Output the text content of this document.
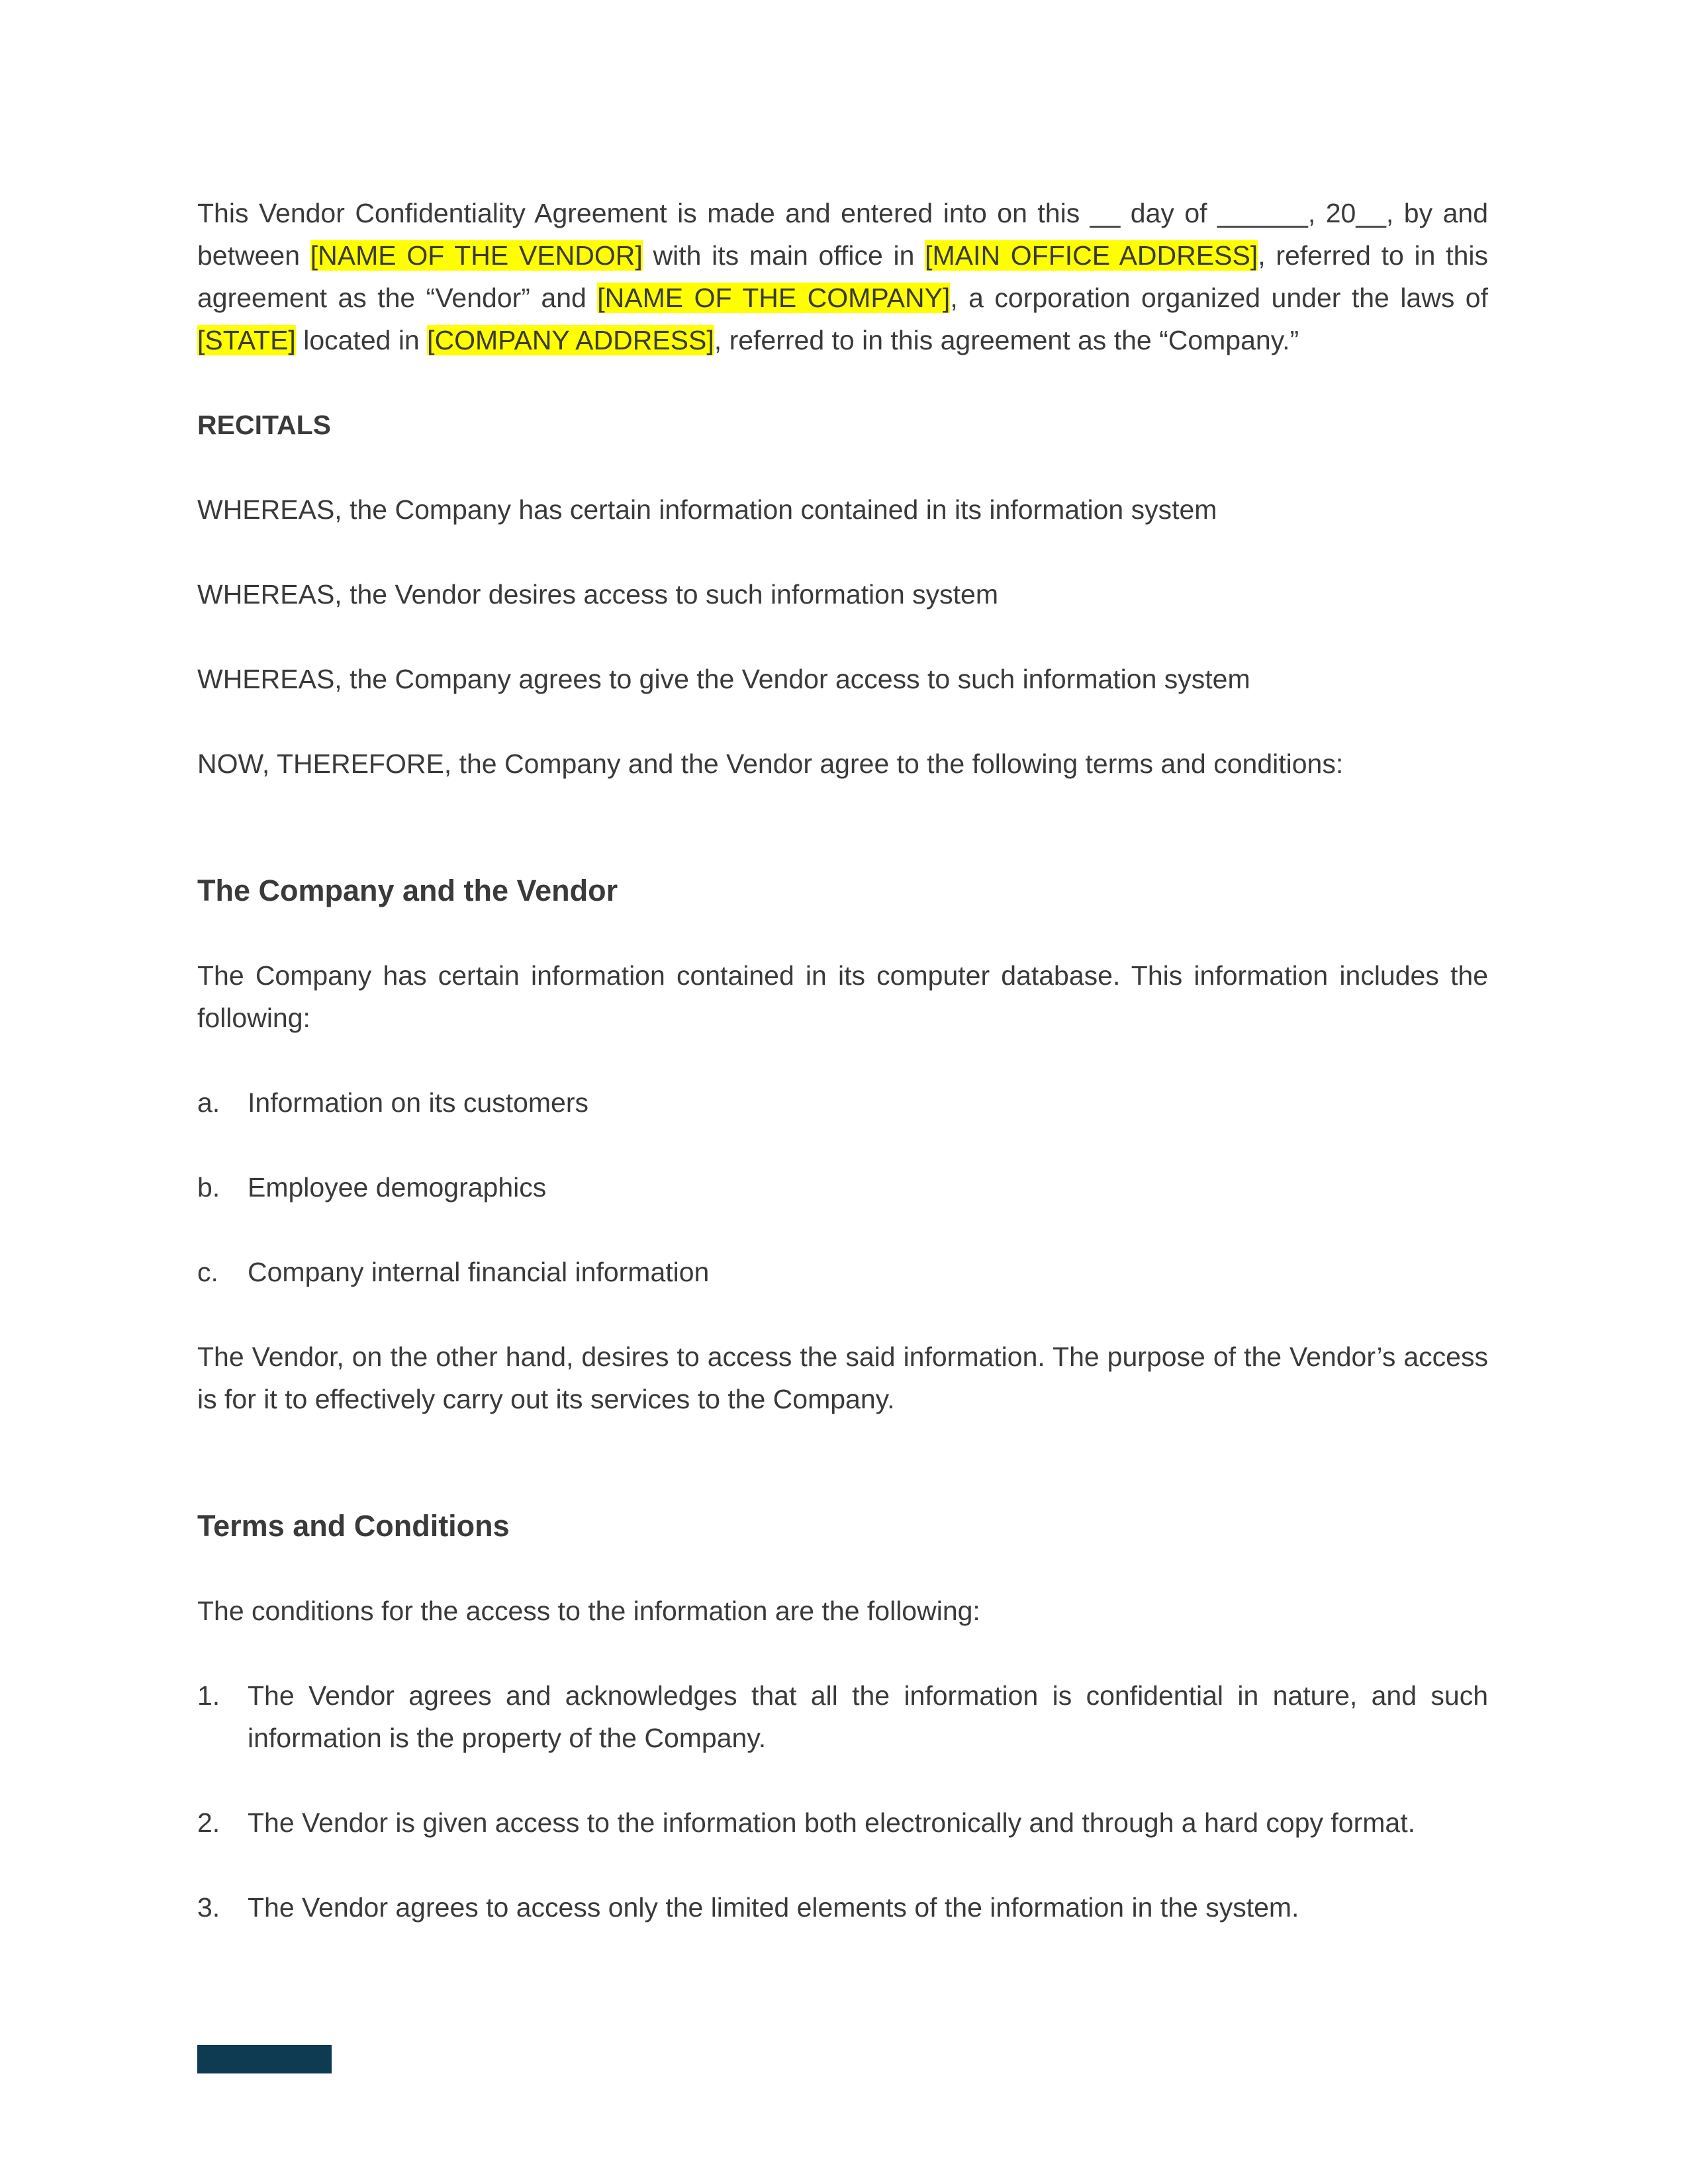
This Vendor Confidentiality Agreement is made and entered into on this __ day of ______, 20__, by and between [NAME OF THE VENDOR] with its main office in [MAIN OFFICE ADDRESS], referred to in this agreement as the “Vendor” and [NAME OF THE COMPANY], a corporation organized under the laws of [STATE] located in [COMPANY ADDRESS], referred to in this agreement as the “Company.”

RECITALS

WHEREAS, the Company has certain information contained in its information system

WHEREAS, the Vendor desires access to such information system

WHEREAS, the Company agrees to give the Vendor access to such information system

NOW, THEREFORE, the Company and the Vendor agree to the following terms and conditions:

The Company and the Vendor

The Company has certain information contained in its computer database. This information includes the following:

a.	Information on its customers
b.	Employee demographics
c.	Company internal financial information

The Vendor, on the other hand, desires to access the said information. The purpose of the Vendor’s access is for it to effectively carry out its services to the Company.

Terms and Conditions

The conditions for the access to the information are the following:

1.	The Vendor agrees and acknowledges that all the information is confidential in nature, and such information is the property of the Company.
2.	The Vendor is given access to the information both electronically and through a hard copy format.
3.	The Vendor agrees to access only the limited elements of the information in the system.
